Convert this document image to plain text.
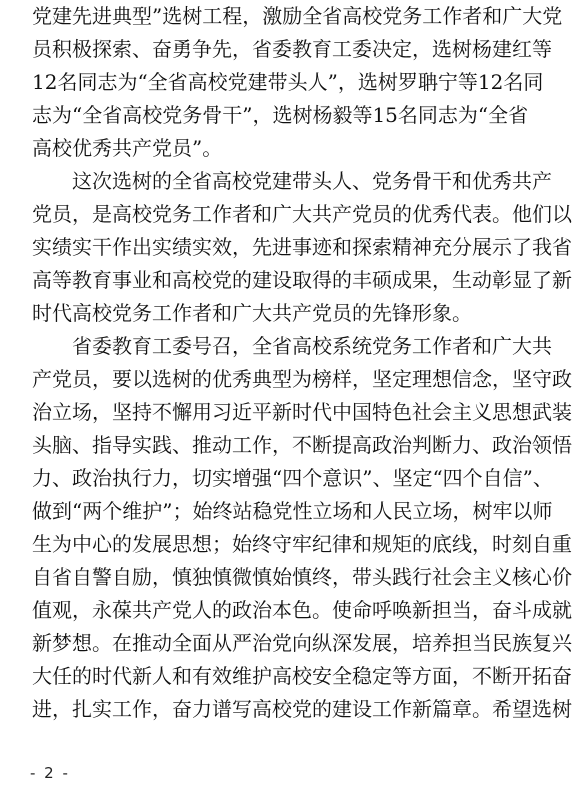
党建先进典型”选树工程，激励全省高校党务工作者和广大党
员积极探索、奋勇争先，省委教育工委决定，选树杨建红等
12名同志为“全省高校党建带头人”，选树罗聃宁等12名同
志为“全省高校党务骨干”，选树杨毅等15名同志为“全省
高校优秀共产党员”。
这次选树的全省高校党建带头人、党务骨干和优秀共产
党员，是高校党务工作者和广大共产党员的优秀代表。他们以
实绩实干作出实绩实效，先进事迹和探索精神充分展示了我省
高等教育事业和高校党的建设取得的丰硕成果，生动彰显了新
时代高校党务工作者和广大共产党员的先锋形象。
省委教育工委号召，全省高校系统党务工作者和广大共
产党员，要以选树的优秀典型为榜样，坚定理想信念，坚守政
治立场，坚持不懈用习近平新时代中国特色社会主义思想武装
头脑、指导实践、推动工作，不断提高政治判断力、政治领悟
力、政治执行力，切实增强“四个意识”、坚定“四个自信”、
做到“两个维护”；始终站稳党性立场和人民立场，树牢以师
生为中心的发展思想；始终守牢纪律和规矩的底线，时刻自重
自省自警自励，慎独慎微慎始慎终，带头践行社会主义核心价
值观，永葆共产党人的政治本色。使命呼唤新担当，奋斗成就
新梦想。在推动全面从严治党向纵深发展，培养担当民族复兴
大任的时代新人和有效维护高校安全稳定等方面，不断开拓奋
进，扎实工作，奋力谱写高校党的建设工作新篇章。希望选树
- 2 -
